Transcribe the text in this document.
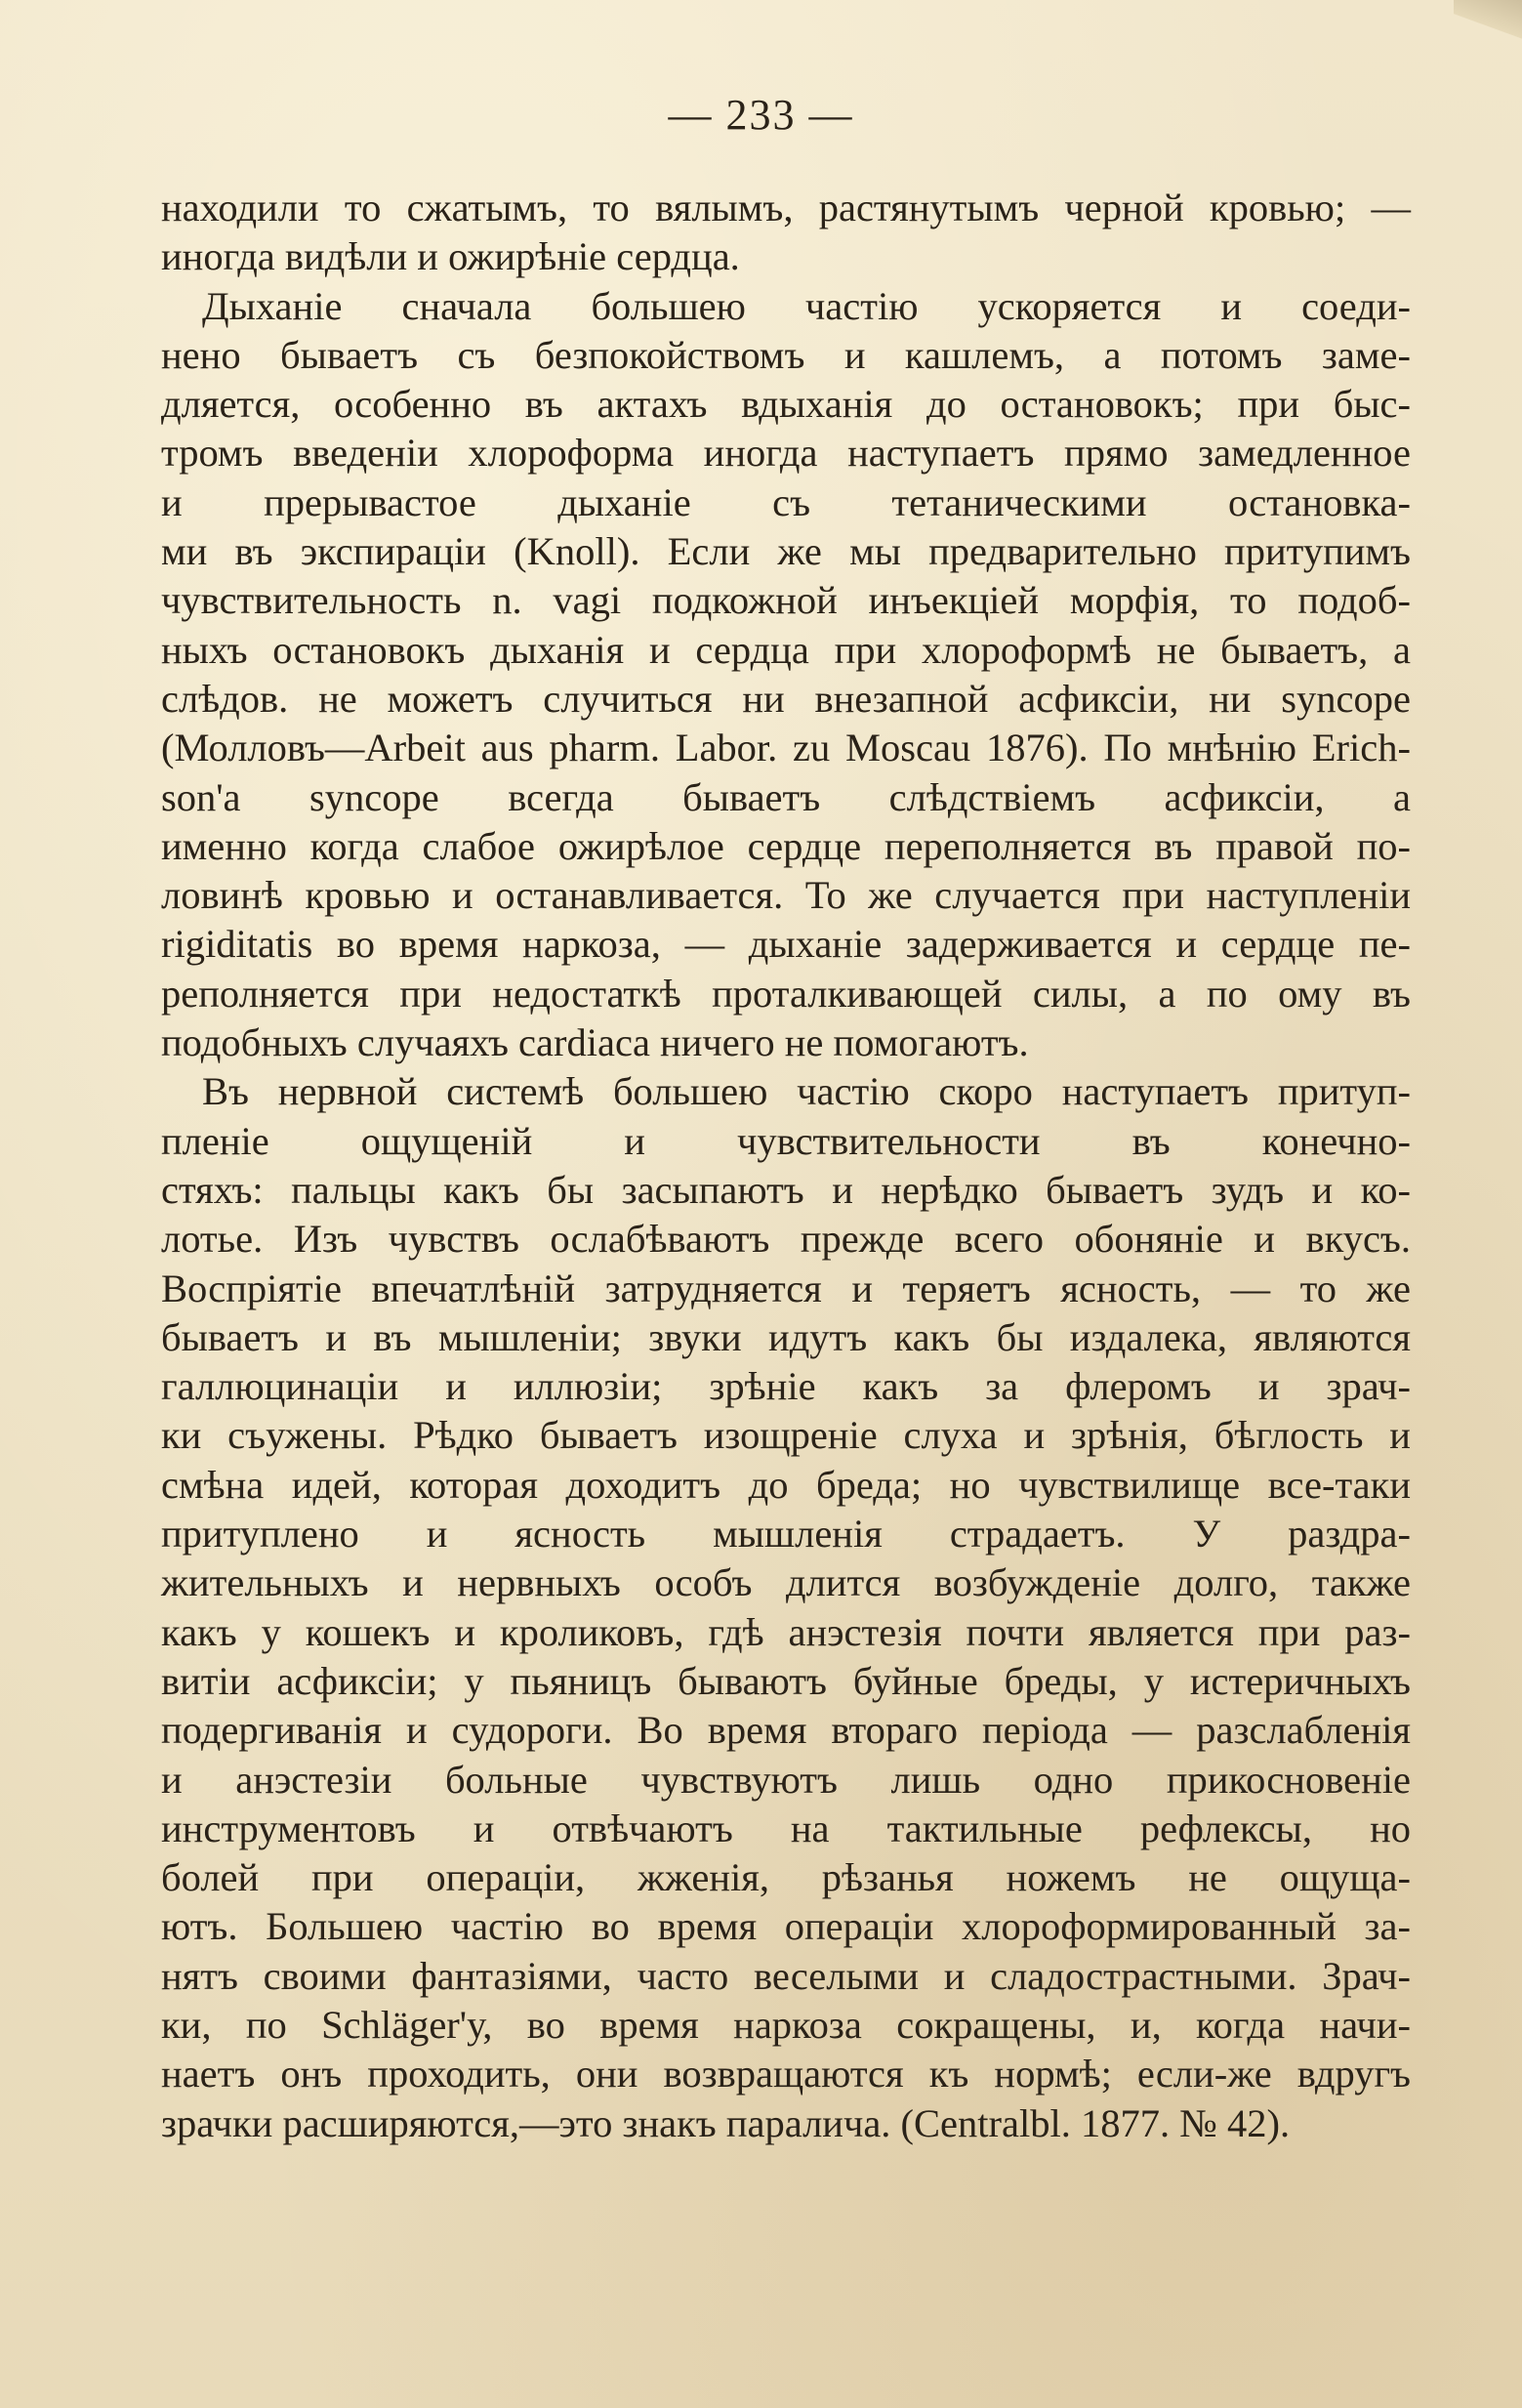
— 233 —
находили то сжатымъ, то вялымъ, растянутымъ черной кровью; —
иногда видѣли и ожирѣніе сердца.
Дыханіе сначала большею частію ускоряется и соеди-
нено бываетъ съ безпокойствомъ и кашлемъ, а потомъ заме-
дляется, особенно въ актахъ вдыханія до остановокъ; при быс-
тромъ введеніи хлороформа иногда наступаетъ прямо замедленное
и прерывастое дыханіе съ тетаническими остановка-
ми въ экспираціи (Knoll). Если же мы предварительно притупимъ
чувствительность n. vagi подкожной инъекціей морфія, то подоб-
ныхъ остановокъ дыханія и сердца при хлороформѣ не бываетъ, а
слѣдов. не можетъ случиться ни внезапной асфиксіи, ни syncope
(Молловъ—Arbeit aus pharm. Labor. zu Moscau 1876). По мнѣнію Erich-
son'a syncope всегда бываетъ слѣдствіемъ асфиксіи, а
именно когда слабое ожирѣлое сердце переполняется въ правой по-
ловинѣ кровью и останавливается. То же случается при наступленіи
rigiditatis во время наркоза, — дыханіе задерживается и сердце пе-
реполняется при недостаткѣ проталкивающей силы, а по ому въ
подобныхъ случаяхъ cardiaca ничего не помогаютъ.
Въ нервной системѣ большею частію скоро наступаетъ притуп-
пленіе ощущеній и чувствительности въ конечно-
стяхъ: пальцы какъ бы засыпаютъ и нерѣдко бываетъ зудъ и ко-
лотье. Изъ чувствъ ослабѣваютъ прежде всего обоняніе и вкусъ.
Воспріятіе впечатлѣній затрудняется и теряетъ ясность, — то же
бываетъ и въ мышленіи; звуки идутъ какъ бы издалека, являются
галлюцинаціи и иллюзіи; зрѣніе какъ за флеромъ и зрач-
ки съужены. Рѣдко бываетъ изощреніе слуха и зрѣнія, бѣглость и
смѣна идей, которая доходитъ до бреда; но чувствилище все-таки
притуплено и ясность мышленія страдаетъ. У раздра-
жительныхъ и нервныхъ особъ длится возбужденіе долго, также
какъ у кошекъ и кроликовъ, гдѣ анэстезія почти является при раз-
витіи асфиксіи; у пьяницъ бываютъ буйные бреды, у истеричныхъ
подергиванія и судороги. Во время втораго періода — разслабленія
и анэстезіи больные чувствуютъ лишь одно прикосновеніе
инструментовъ и отвѣчаютъ на тактильные рефлексы, но
болей при операціи, жженія, рѣзанья ножемъ не ощуща-
ютъ. Большею частію во время операціи хлороформированный за-
нятъ своими фантазіями, часто веселыми и сладострастными. Зрач-
ки, по Schläger'у, во время наркоза сокращены, и, когда начи-
наетъ онъ проходить, они возвращаются къ нормѣ; если-же вдругъ
зрачки расширяются,—это знакъ паралича. (Centralbl. 1877. № 42).
